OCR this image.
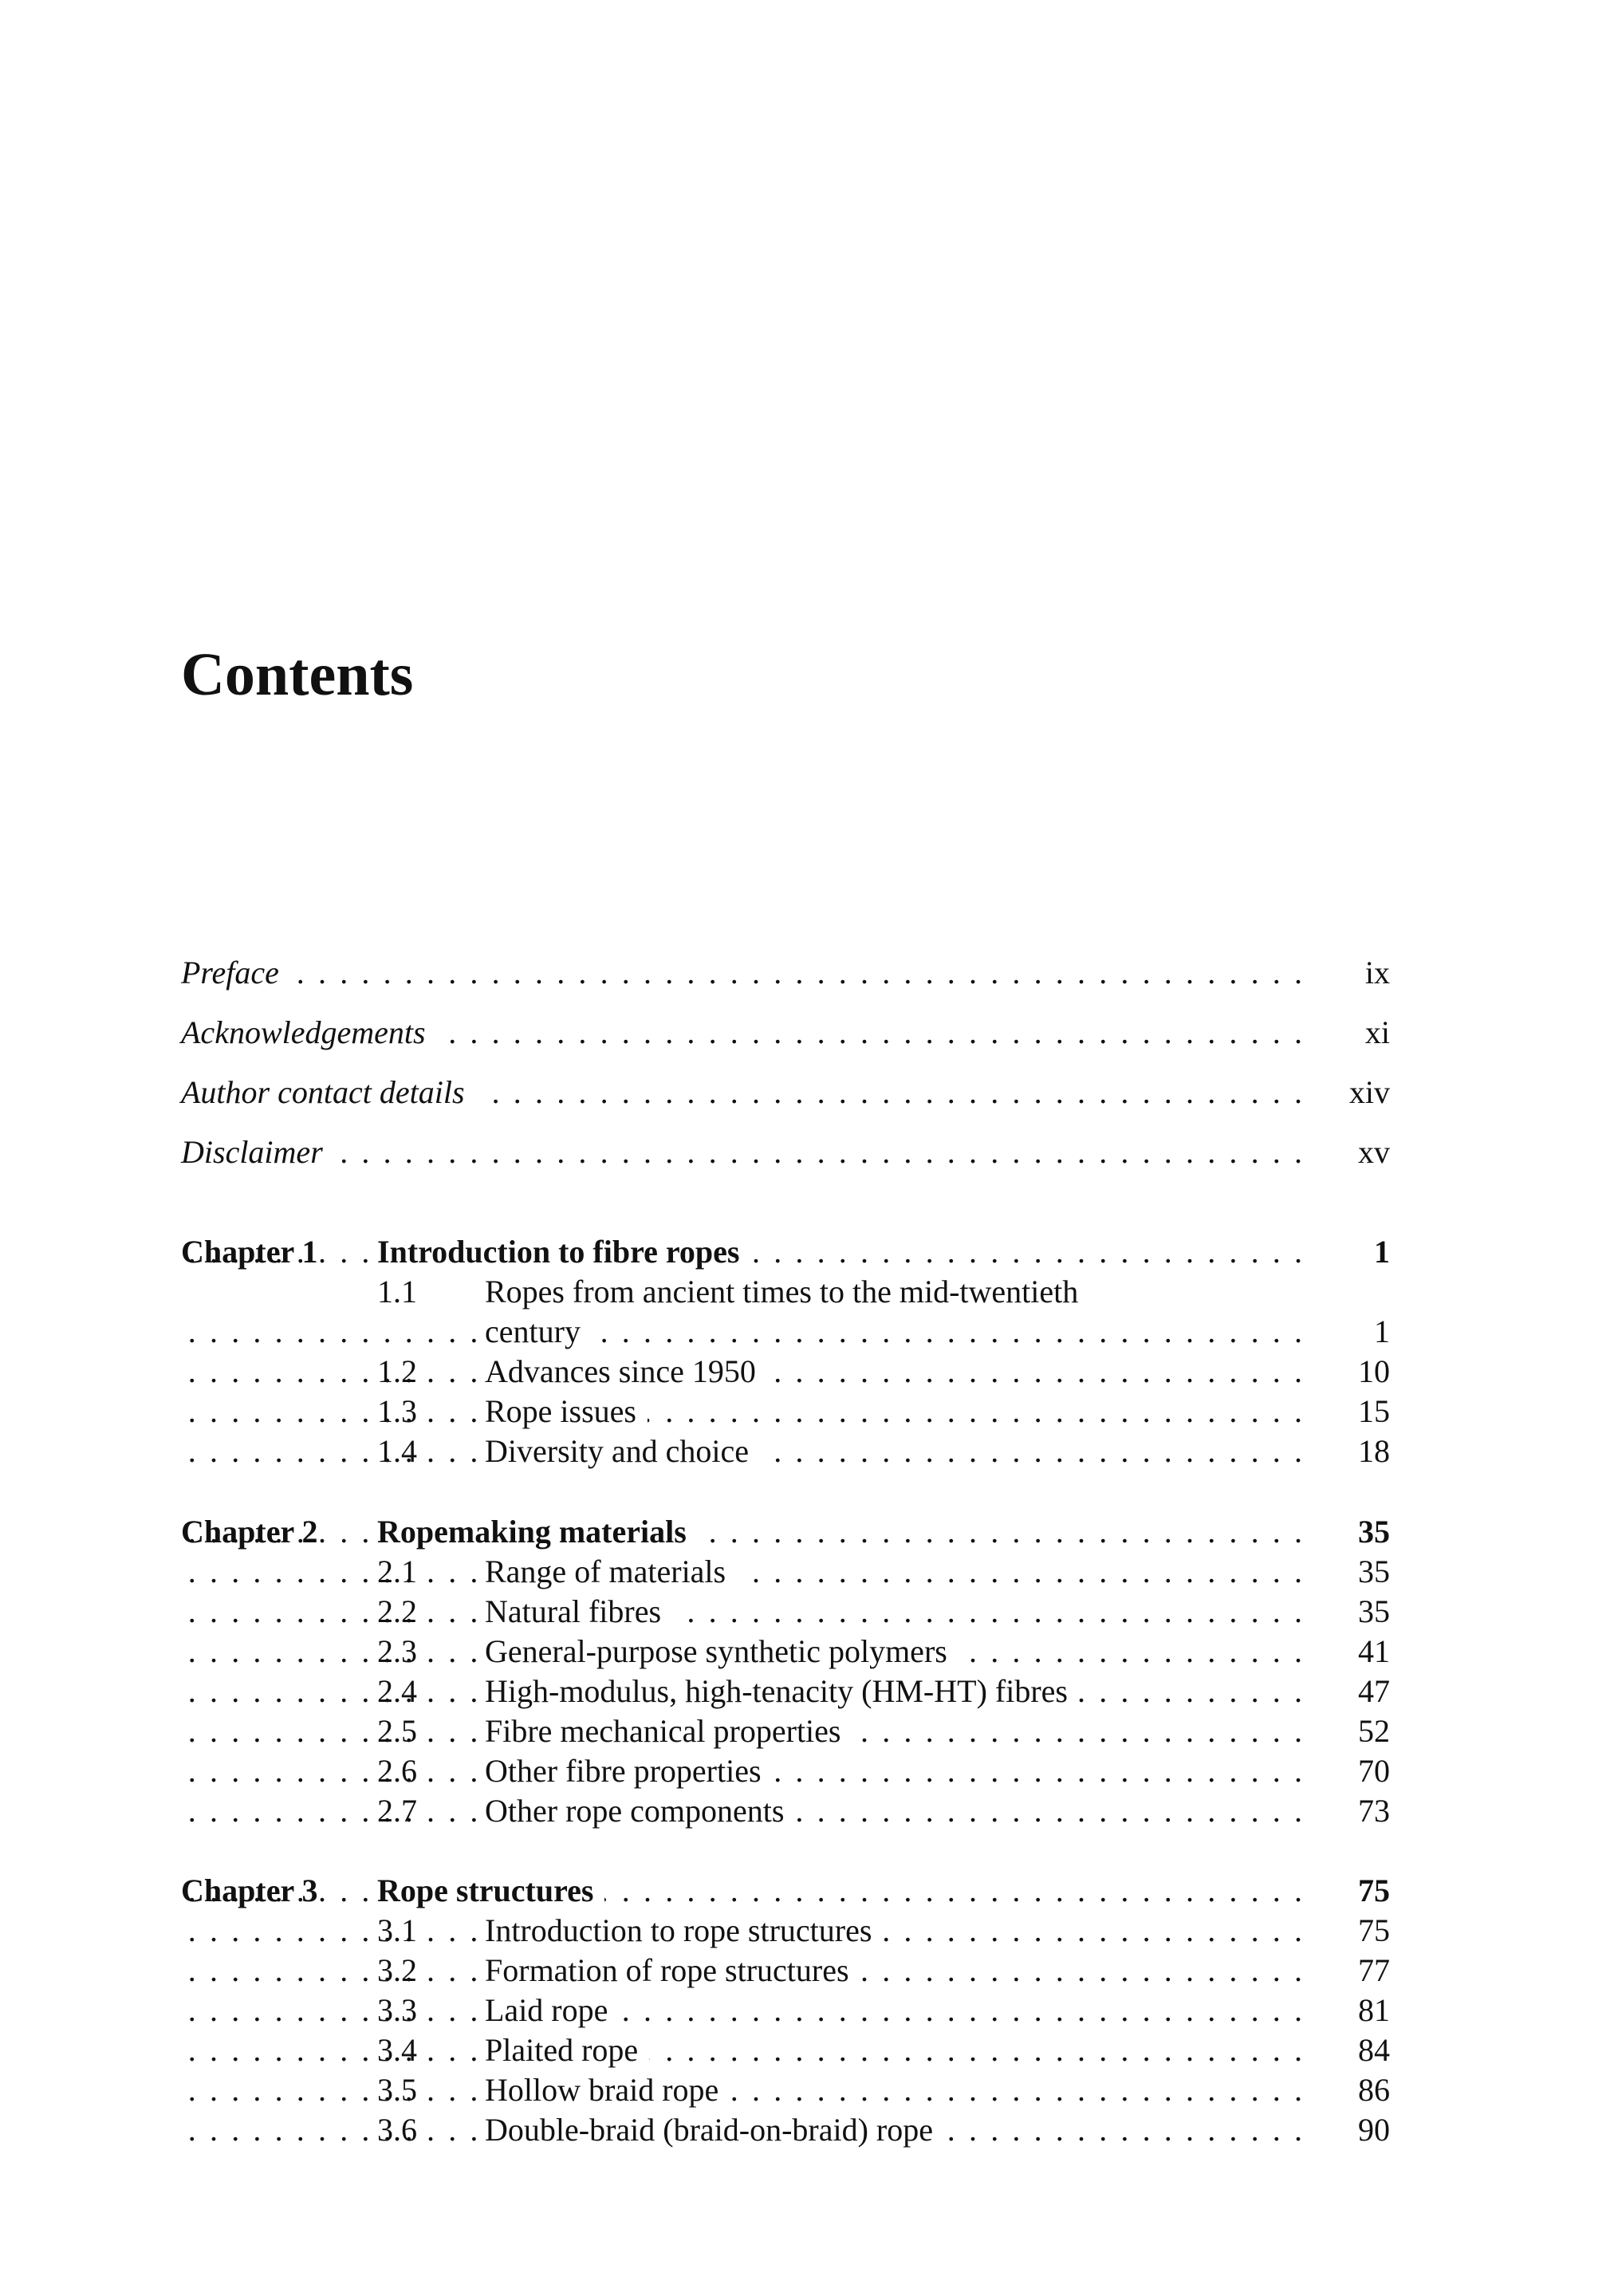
Contents
Preface . . .	ix
Acknowledgements . . .	xi
Author contact details . . .	xiv
Disclaimer . . .	xv
Chapter 1 Introduction to fibre ropes . . .	1
1.1 Ropes from ancient times to the mid-twentieth
century . . .	1
1.2 Advances since 1950 . . .	10
1.3 Rope issues . . .	15
1.4 Diversity and choice . . .	18
Chapter 2 Ropemaking materials . . .	35
2.1 Range of materials . . .	35
2.2 Natural fibres . . .	35
2.3 General-purpose synthetic polymers . . .	41
2.4 High-modulus, high-tenacity (HM-HT) fibres . . .	47
2.5 Fibre mechanical properties . . .	52
2.6 Other fibre properties . . .	70
2.7 Other rope components . . .	73
Chapter 3 Rope structures . . .	75
3.1 Introduction to rope structures . . .	75
3.2 Formation of rope structures . . .	77
3.3 Laid rope . . .	81
3.4 Plaited rope . . .	84
3.5 Hollow braid rope . . .	86
3.6 Double-braid (braid-on-braid) rope . . .	90
